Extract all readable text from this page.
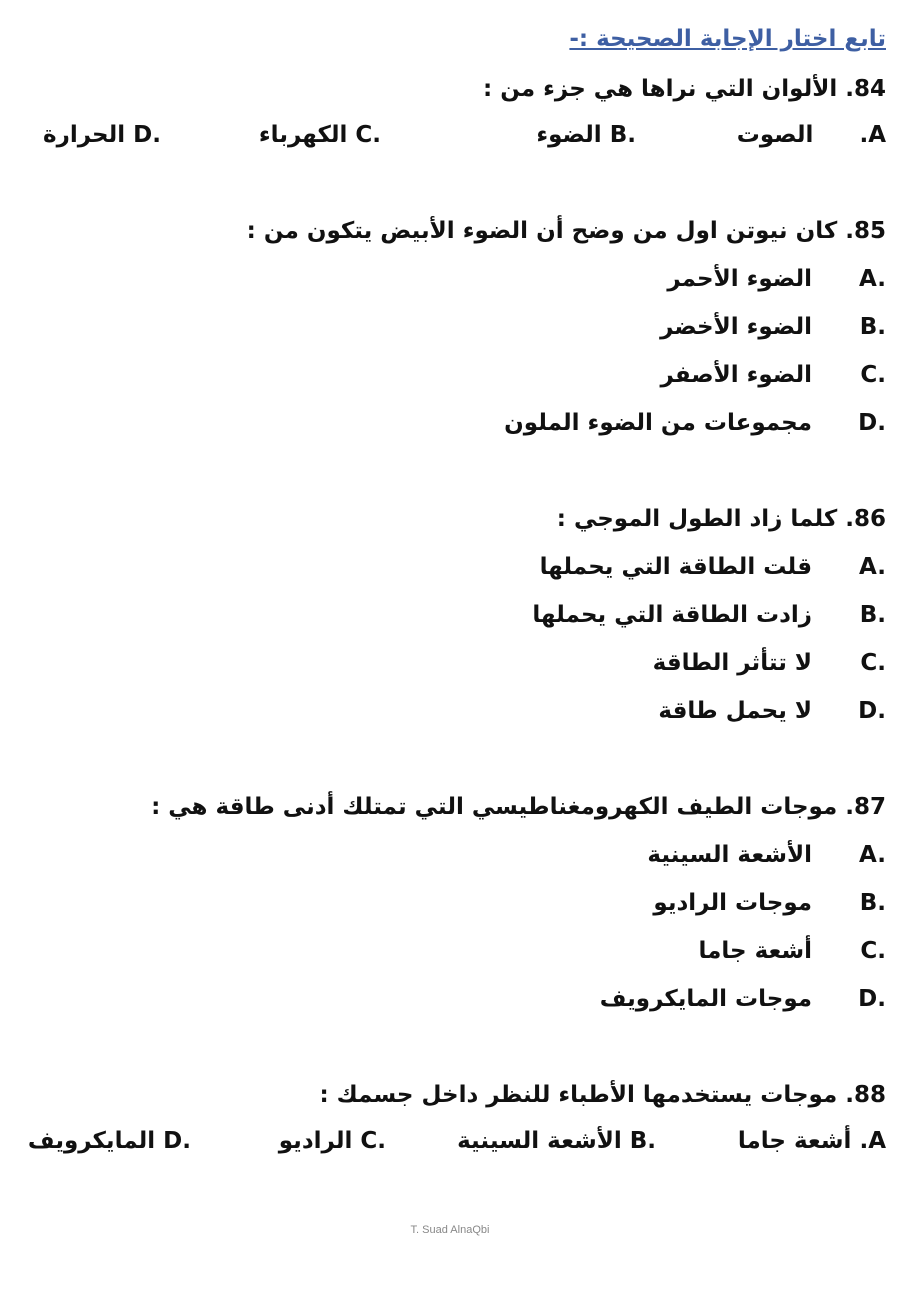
تابع اختار الإجابة الصحيحة :-
84. الألوان التي نراها هي جزء من :
A. الصوت
.B الضوء
.C الكهرباء
.D الحرارة
85. كان نيوتن اول من وضح أن الضوء الأبيض يتكون من :
A.الضوء الأحمر
B.الضوء الأخضر
C.الضوء الأصفر
D.مجموعات من الضوء الملون
86. كلما زاد الطول الموجي :
A.قلت الطاقة التي يحملها
B.زادت الطاقة التي يحملها
C.لا تتأثر الطاقة
D.لا يحمل طاقة
87. موجات الطيف الكهرومغناطيسي التي تمتلك أدنى طاقة هي :
A.الأشعة السينية
B.موجات الراديو
C.أشعة جاما
D.موجات المايكرويف
88. موجات يستخدمها الأطباء للنظر داخل جسمك :
A. أشعة جاما
.B الأشعة السينية
.C الراديو
.D المايكرويف
T. Suad AlnaQbi
